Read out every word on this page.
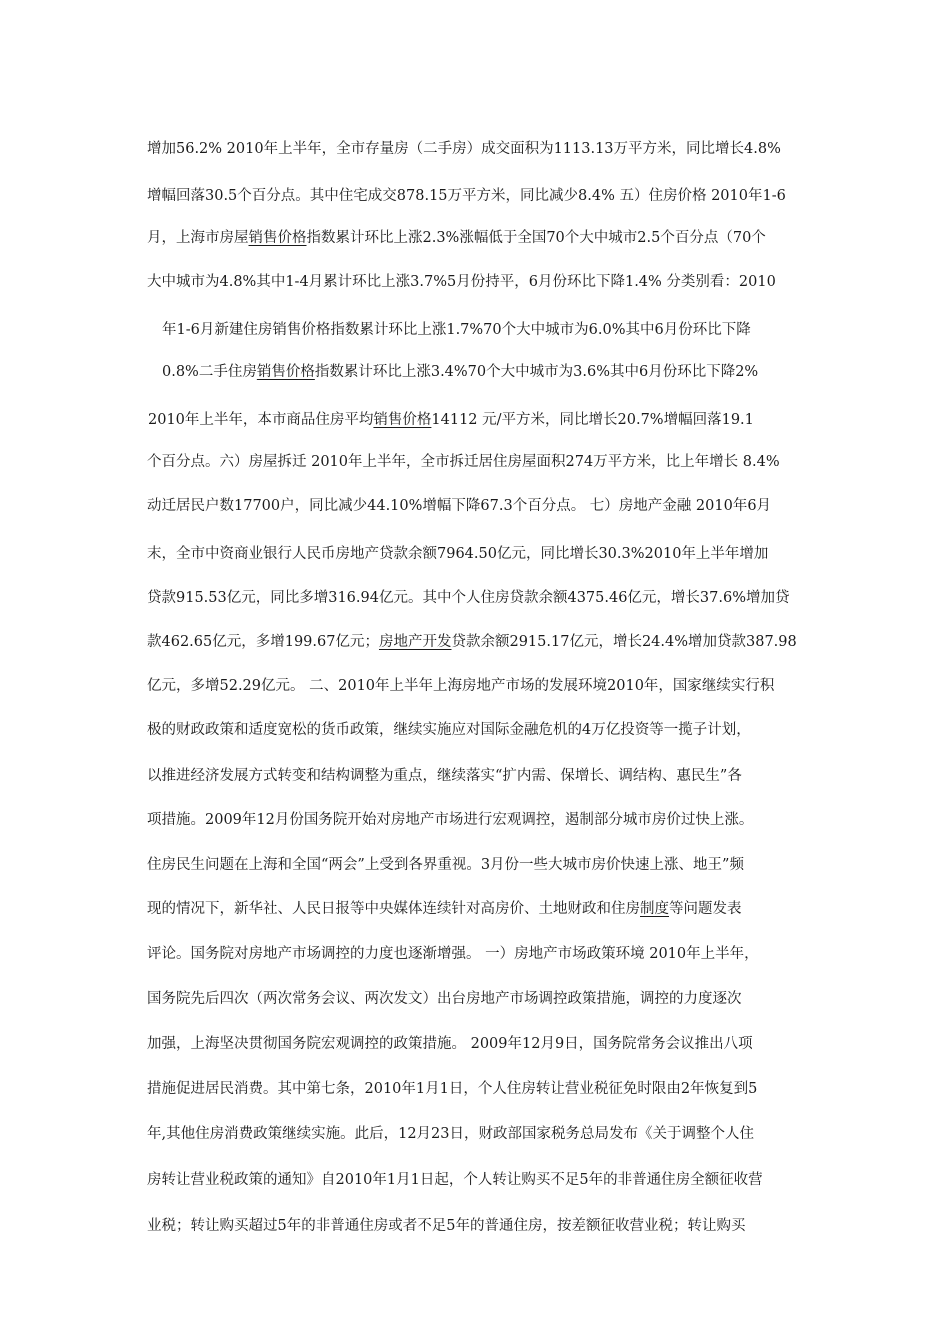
增加56.2% 2010年上半年，全市存量房（二手房）成交面积为1113.13万平方米，同比增长4.8%
增幅回落30.5个百分点。其中住宅成交878.15万平方米，同比减少8.4% 五）住房价格 2010年1-6
月，上海市房屋销售价格指数累计环比上涨2.3%涨幅低于全国70个大中城市2.5个百分点（70个
大中城市为4.8%其中1-4月累计环比上涨3.7%5月份持平，6月份环比下降1.4% 分类别看：2010
年1-6月新建住房销售价格指数累计环比上涨1.7%70个大中城市为6.0%其中6月份环比下降
0.8%二手住房销售价格指数累计环比上涨3.4%70个大中城市为3.6%其中6月份环比下降2%
2010年上半年，本市商品住房平均销售价格14112 元/平方米，同比增长20.7%增幅回落19.1
个百分点。六）房屋拆迁 2010年上半年，全市拆迁居住房屋面积274万平方米，比上年增长 8.4%
动迁居民户数17700户，同比减少44.10%增幅下降67.3个百分点。 七）房地产金融 2010年6月
末，全市中资商业银行人民币房地产贷款余额7964.50亿元，同比增长30.3%2010年上半年增加
贷款915.53亿元，同比多增316.94亿元。其中个人住房贷款余额4375.46亿元，增长37.6%增加贷
款462.65亿元，多增199.67亿元；房地产开发贷款余额2915.17亿元，增长24.4%增加贷款387.98
亿元，多增52.29亿元。 二、2010年上半年上海房地产市场的发展环境2010年，国家继续实行积
极的财政政策和适度宽松的货币政策，继续实施应对国际金融危机的4万亿投资等一揽子计划，
以推进经济发展方式转变和结构调整为重点，继续落实“扩内需、保增长、调结构、惠民生”各
项措施。2009年12月份国务院开始对房地产市场进行宏观调控，遏制部分城市房价过快上涨。
住房民生问题在上海和全国“两会”上受到各界重视。3月份一些大城市房价快速上涨、地王”频
现的情况下，新华社、人民日报等中央媒体连续针对高房价、土地财政和住房制度等问题发表
评论。国务院对房地产市场调控的力度也逐渐增强。 一）房地产市场政策环境 2010年上半年，
国务院先后四次（两次常务会议、两次发文）出台房地产市场调控政策措施，调控的力度逐次
加强，上海坚决贯彻国务院宏观调控的政策措施。 2009年12月9日，国务院常务会议推出八项
措施促进居民消费。其中第七条，2010年1月1日，个人住房转让营业税征免时限由2年恢复到5
年,其他住房消费政策继续实施。此后，12月23日，财政部国家税务总局发布《关于调整个人住
房转让营业税政策的通知》自2010年1月1日起，个人转让购买不足5年的非普通住房全额征收营
业税；转让购买超过5年的非普通住房或者不足5年的普通住房，按差额征收营业税；转让购买
